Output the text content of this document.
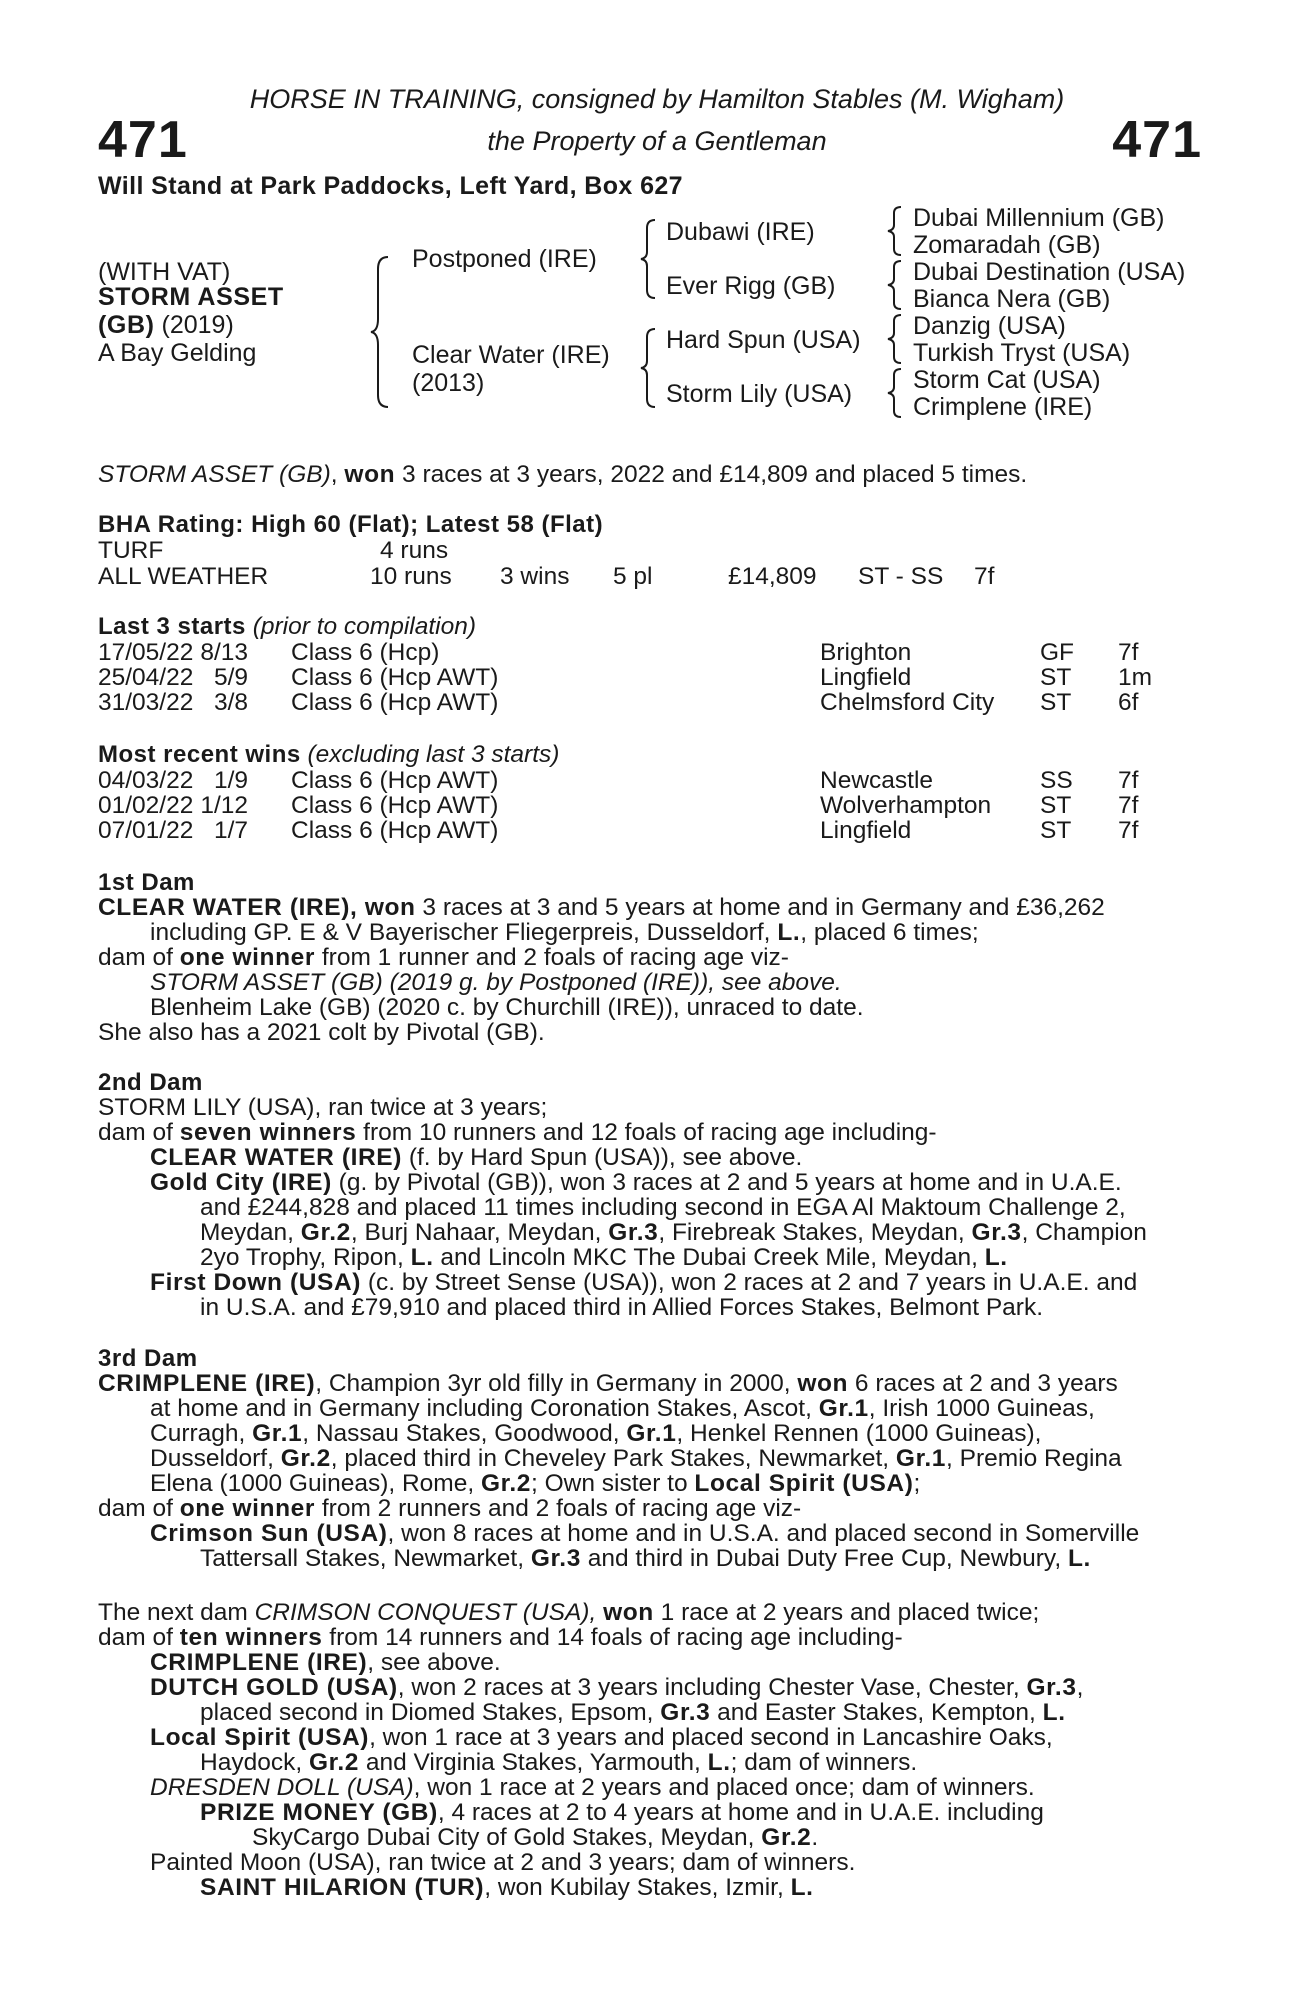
471	471
HORSE IN TRAINING, consigned by Hamilton Stables (M. Wigham)
the Property of a Gentleman
Will Stand at Park Paddocks, Left Yard, Box 627
(WITH VAT)
STORM ASSET
(GB) (2019)
A Bay Gelding
Postponed (IRE)
Clear Water (IRE)
(2013)
Dubawi (IRE)
Ever Rigg (GB)
Hard Spun (USA)
Storm Lily (USA)
Dubai Millennium (GB)
Zomaradah (GB)
Dubai Destination (USA)
Bianca Nera (GB)
Danzig (USA)
Turkish Tryst (USA)
Storm Cat (USA)
Crimplene (IRE)
STORM ASSET (GB), won 3 races at 3 years, 2022 and £14,809 and placed 5 times.
BHA Rating: High 60 (Flat); Latest 58 (Flat)
TURF	4 runs
ALL WEATHER	10 runs 3 wins 5 pl	£14,809 ST - SS 7f
Last 3 starts (prior to compilation)
17/05/22 8/13 Class 6 (Hcp)	Brighton	GF 7f
25/04/22 5/9 Class 6 (Hcp AWT)	Lingfield	ST 1m
31/03/22 3/8 Class 6 (Hcp AWT)	Chelmsford City ST 6f
Most recent wins (excluding last 3 starts)
04/03/22 1/9 Class 6 (Hcp AWT)	Newcastle	SS 7f
01/02/22 1/12 Class 6 (Hcp AWT)	Wolverhampton ST 7f
07/01/22 1/7 Class 6 (Hcp AWT)	Lingfield	ST 7f
1st Dam
CLEAR WATER (IRE), won 3 races at 3 and 5 years at home and in Germany and £36,262
including GP. E & V Bayerischer Fliegerpreis, Dusseldorf, L., placed 6 times;
dam of one winner from 1 runner and 2 foals of racing age viz-
STORM ASSET (GB) (2019 g. by Postponed (IRE)), see above.
Blenheim Lake (GB) (2020 c. by Churchill (IRE)), unraced to date.
She also has a 2021 colt by Pivotal (GB).
2nd Dam
STORM LILY (USA), ran twice at 3 years;
dam of seven winners from 10 runners and 12 foals of racing age including-
CLEAR WATER (IRE) (f. by Hard Spun (USA)), see above.
Gold City (IRE) (g. by Pivotal (GB)), won 3 races at 2 and 5 years at home and in U.A.E.
and £244,828 and placed 11 times including second in EGA Al Maktoum Challenge 2,
Meydan, Gr.2, Burj Nahaar, Meydan, Gr.3, Firebreak Stakes, Meydan, Gr.3, Champion
2yo Trophy, Ripon, L. and Lincoln MKC The Dubai Creek Mile, Meydan, L.
First Down (USA) (c. by Street Sense (USA)), won 2 races at 2 and 7 years in U.A.E. and
in U.S.A. and £79,910 and placed third in Allied Forces Stakes, Belmont Park.
3rd Dam
CRIMPLENE (IRE), Champion 3yr old filly in Germany in 2000, won 6 races at 2 and 3 years
at home and in Germany including Coronation Stakes, Ascot, Gr.1, Irish 1000 Guineas,
Curragh, Gr.1, Nassau Stakes, Goodwood, Gr.1, Henkel Rennen (1000 Guineas),
Dusseldorf, Gr.2, placed third in Cheveley Park Stakes, Newmarket, Gr.1, Premio Regina
Elena (1000 Guineas), Rome, Gr.2; Own sister to Local Spirit (USA);
dam of one winner from 2 runners and 2 foals of racing age viz-
Crimson Sun (USA), won 8 races at home and in U.S.A. and placed second in Somerville
Tattersall Stakes, Newmarket, Gr.3 and third in Dubai Duty Free Cup, Newbury, L.
The next dam CRIMSON CONQUEST (USA), won 1 race at 2 years and placed twice;
dam of ten winners from 14 runners and 14 foals of racing age including-
CRIMPLENE (IRE), see above.
DUTCH GOLD (USA), won 2 races at 3 years including Chester Vase, Chester, Gr.3,
placed second in Diomed Stakes, Epsom, Gr.3 and Easter Stakes, Kempton, L.
Local Spirit (USA), won 1 race at 3 years and placed second in Lancashire Oaks,
Haydock, Gr.2 and Virginia Stakes, Yarmouth, L.; dam of winners.
DRESDEN DOLL (USA), won 1 race at 2 years and placed once; dam of winners.
PRIZE MONEY (GB), 4 races at 2 to 4 years at home and in U.A.E. including
SkyCargo Dubai City of Gold Stakes, Meydan, Gr.2.
Painted Moon (USA), ran twice at 2 and 3 years; dam of winners.
SAINT HILARION (TUR), won Kubilay Stakes, Izmir, L.
